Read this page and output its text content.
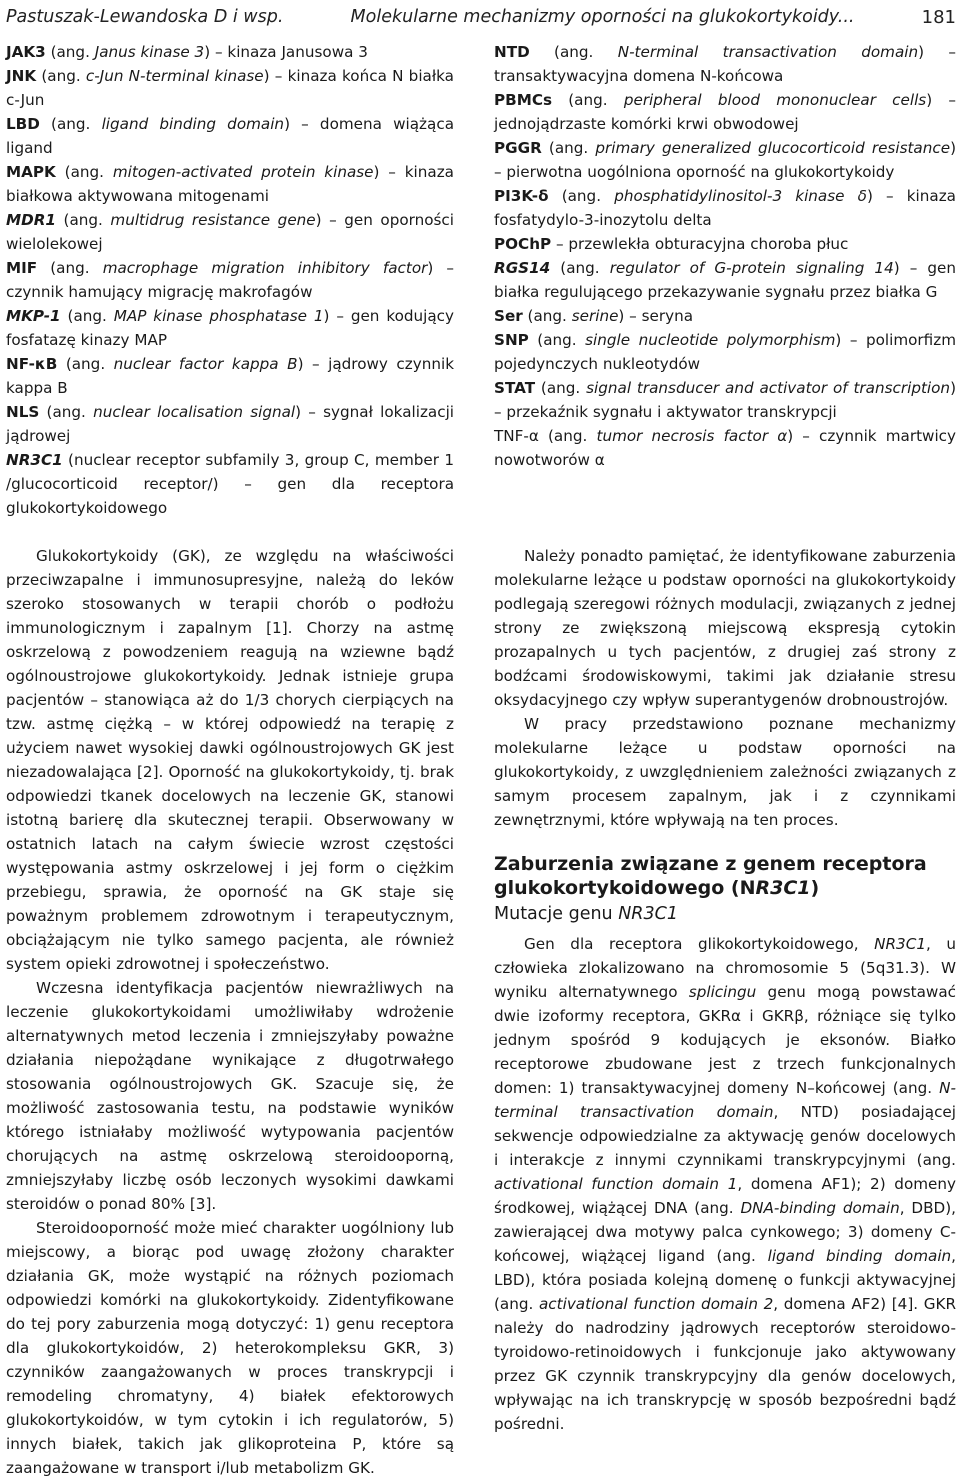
Pastuszak-Lewandoska D i wsp.	Molekularne mechanizmy oporności na glukokortykoidy...	181

JAK3 (ang. Janus kinase 3) – kinaza Janusowa 3

JNK (ang. c-Jun N-terminal kinase) – kinaza końca N białka c-Jun

LBD (ang. ligand binding domain) – domena wiążąca ligand

MAPK (ang. mitogen-activated protein kinase) – kinaza białkowa aktywowana mitogenami

MDR1 (ang. multidrug resistance gene) – gen oporności wielolekowej

MIF (ang. macrophage migration inhibitory factor) – czynnik hamujący migrację makrofagów

MKP-1 (ang. MAP kinase phosphatase 1) – gen kodujący fosfatazę kinazy MAP

NF-κB (ang. nuclear factor kappa B) – jądrowy czynnik kappa B

NLS (ang. nuclear localisation signal) – sygnał lokalizacji jądrowej

NR3C1 (nuclear receptor subfamily 3, group C, member 1 /glucocorticoid receptor/) – gen dla receptora glukokortykoidowego

NTD (ang. N-terminal transactivation domain) – transaktywacyjna domena N-końcowa

PBMCs (ang. peripheral blood mononuclear cells) – jednojądrzaste komórki krwi obwodowej

PGGR (ang. primary generalized glucocorticoid resistance) – pierwotna uogólniona oporność na glukokortykoidy

PI3K-δ (ang. phosphatidylinositol-3 kinase δ) – kinaza fosfatydylo-3-inozytolu delta

POChP – przewlekła obturacyjna choroba płuc

RGS14 (ang. regulator of G-protein signaling 14) – gen białka regulującego przekazywanie sygnału przez białka G

Ser (ang. serine) – seryna

SNP (ang. single nucleotide polymorphism) – polimorfizm pojedynczych nukleotydów

STAT (ang. signal transducer and activator of transcription) – przekaźnik sygnału i aktywator transkrypcji

TNF-α (ang. tumor necrosis factor α) – czynnik martwicy nowotworów α

Glukokortykoidy (GK), ze względu na właściwości przeciwzapalne i immunosupresyjne, należą do leków szeroko stosowanych w terapii chorób o podłożu immunologicznym i zapalnym [1]. Chorzy na astmę oskrzelową z powodzeniem reagują na wziewne bądź ogólnoustrojowe glukokortykoidy. Jednak istnieje grupa pacjentów – stanowiąca aż do 1/3 chorych cierpiących na tzw. astmę ciężką – w której odpowiedź na terapię z użyciem nawet wysokiej dawki ogólnoustrojowych GK jest niezadowalająca [2]. Oporność na glukokortykoidy, tj. brak odpowiedzi tkanek docelowych na leczenie GK, stanowi istotną barierę dla skutecznej terapii. Obserwowany w ostatnich latach na całym świecie wzrost częstości występowania astmy oskrzelowej i jej form o ciężkim przebiegu, sprawia, że oporność na GK staje się poważnym problemem zdrowotnym i terapeutycznym, obciążającym nie tylko samego pacjenta, ale również system opieki zdrowotnej i społeczeństwo.

Wczesna identyfikacja pacjentów niewrażliwych na leczenie glukokortykoidami umożliwiłaby wdrożenie alternatywnych metod leczenia i zmniejszyłaby poważne działania niepożądane wynikające z długotrwałego stosowania ogólnoustrojowych GK. Szacuje się, że możliwość zastosowania testu, na podstawie wyników którego istniałaby możliwość wytypowania pacjentów chorujących na astmę oskrzelową steroidooporną, zmniejszyłaby liczbę osób leczonych wysokimi dawkami steroidów o ponad 80% [3].

Steroidooporność może mieć charakter uogólniony lub miejscowy, a biorąc pod uwagę złożony charakter działania GK, może wystąpić na różnych poziomach odpowiedzi komórki na glukokortykoidy. Zidentyfikowane do tej pory zaburzenia mogą dotyczyć: 1) genu receptora dla glukokortykoidów, 2) heterokompleksu GKR, 3) czynników zaangażowanych w proces transkrypcji i remodeling chromatyny, 4) białek efektorowych glukokortykoidów, w tym cytokin i ich regulatorów, 5) innych białek, takich jak glikoproteina P, które są zaangażowane w transport i/lub metabolizm GK.

Należy ponadto pamiętać, że identyfikowane zaburzenia molekularne leżące u podstaw oporności na glukokortykoidy podlegają szeregowi różnych modulacji, związanych z jednej strony ze zwiększoną miejscową ekspresją cytokin prozapalnych u tych pacjentów, z drugiej zaś strony z bodźcami środowiskowymi, takimi jak działanie stresu oksydacyjnego czy wpływ superantygenów drobnoustrojów.

W pracy przedstawiono poznane mechanizmy molekularne leżące u podstaw oporności na glukokortykoidy, z uwzględnieniem zależności związanych z samym procesem zapalnym, jak i z czynnikami zewnętrznymi, które wpływają na ten proces.

Zaburzenia związane z genem receptora glukokortykoidowego (NR3C1)
Mutacje genu NR3C1

Gen dla receptora glikokortykoidowego, NR3C1, u człowieka zlokalizowano na chromosomie 5 (5q31.3). W wyniku alternatywnego splicingu genu mogą powstawać dwie izoformy receptora, GKRα i GKRβ, różniące się tylko jednym spośród 9 kodujących je eksonów. Białko receptorowe zbudowane jest z trzech funkcjonalnych domen: 1) transaktywacyjnej domeny N–końcowej (ang. N-terminal transactivation domain, NTD) posiadającej sekwencje odpowiedzialne za aktywację genów docelowych i interakcje z innymi czynnikami transkrypcyjnymi (ang. activational function domain 1, domena AF1); 2) domeny środkowej, wiążącej DNA (ang. DNA-binding domain, DBD), zawierającej dwa motywy palca cynkowego; 3) domeny C-końcowej, wiążącej ligand (ang. ligand binding domain, LBD), która posiada kolejną domenę o funkcji aktywacyjnej (ang. activational function domain 2, domena AF2) [4]. GKR należy do nadrodziny jądrowych receptorów steroidowo-tyroidowo-retinoidowych i funkcjonuje jako aktywowany przez GK czynnik transkrypcyjny dla genów docelowych, wpływając na ich transkrypcję w sposób bezpośredni bądź pośredni.
